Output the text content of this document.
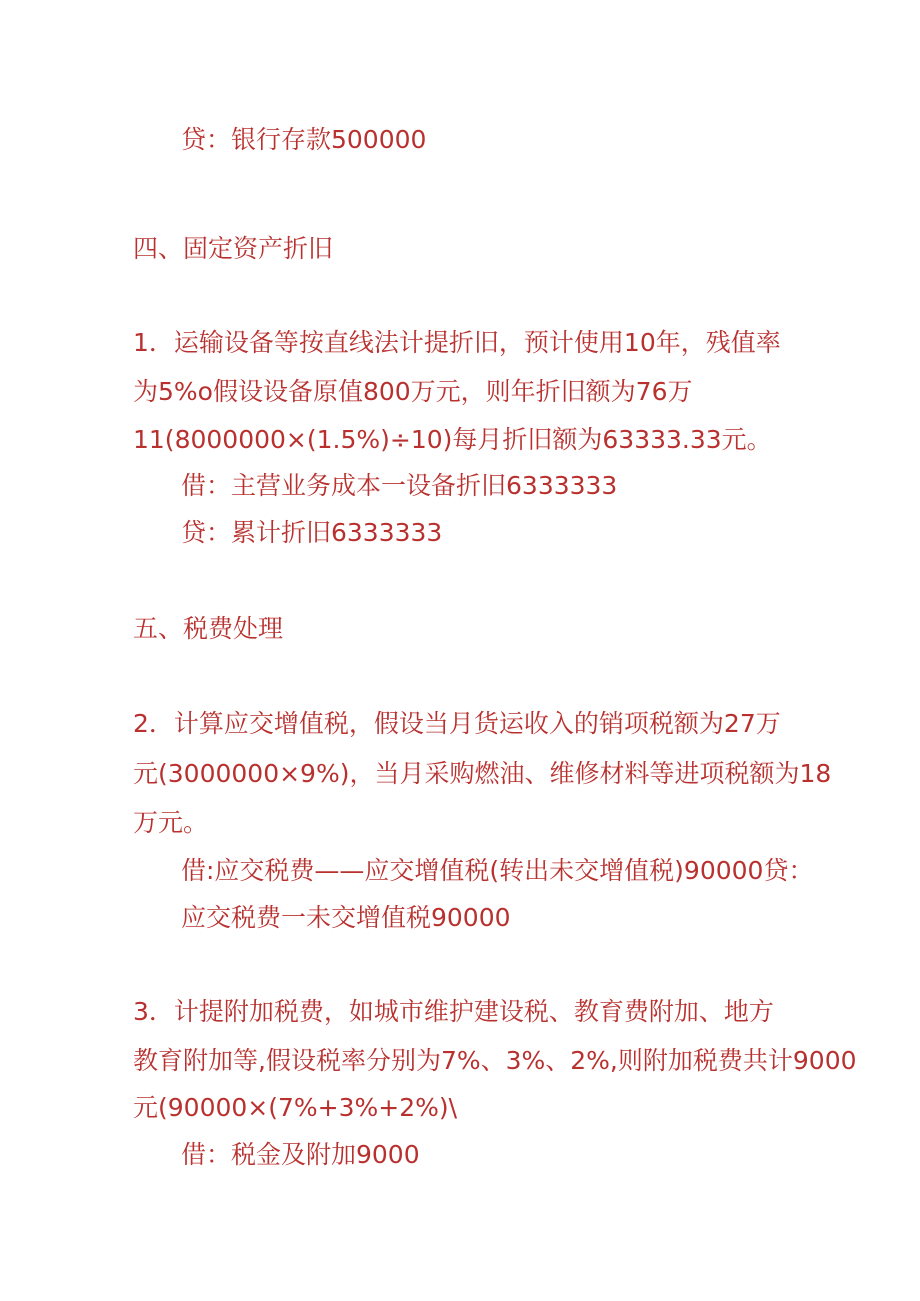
贷：银行存款500000
四、固定资产折旧
1．运输设备等按直线法计提折旧，预计使用10年，残值率
为5%o假设设备原值800万元，则年折旧额为76万
11(8000000×(1.5%)÷10)每月折旧额为63333.33元。
借：主营业务成本一设备折旧6333333
贷：累计折旧6333333
五、税费处理
2．计算应交增值税，假设当月货运收入的销项税额为27万
元(3000000×9%)，当月采购燃油、维修材料等进项税额为18
万元。
借:应交税费——应交增值税(转出未交增值税)90000贷：
应交税费一未交增值税90000
3．计提附加税费，如城市维护建设税、教育费附加、地方
教育附加等,假设税率分别为7%、3%、2%,则附加税费共计9000
元(90000×(7%+3%+2%)\
借：税金及附加9000
